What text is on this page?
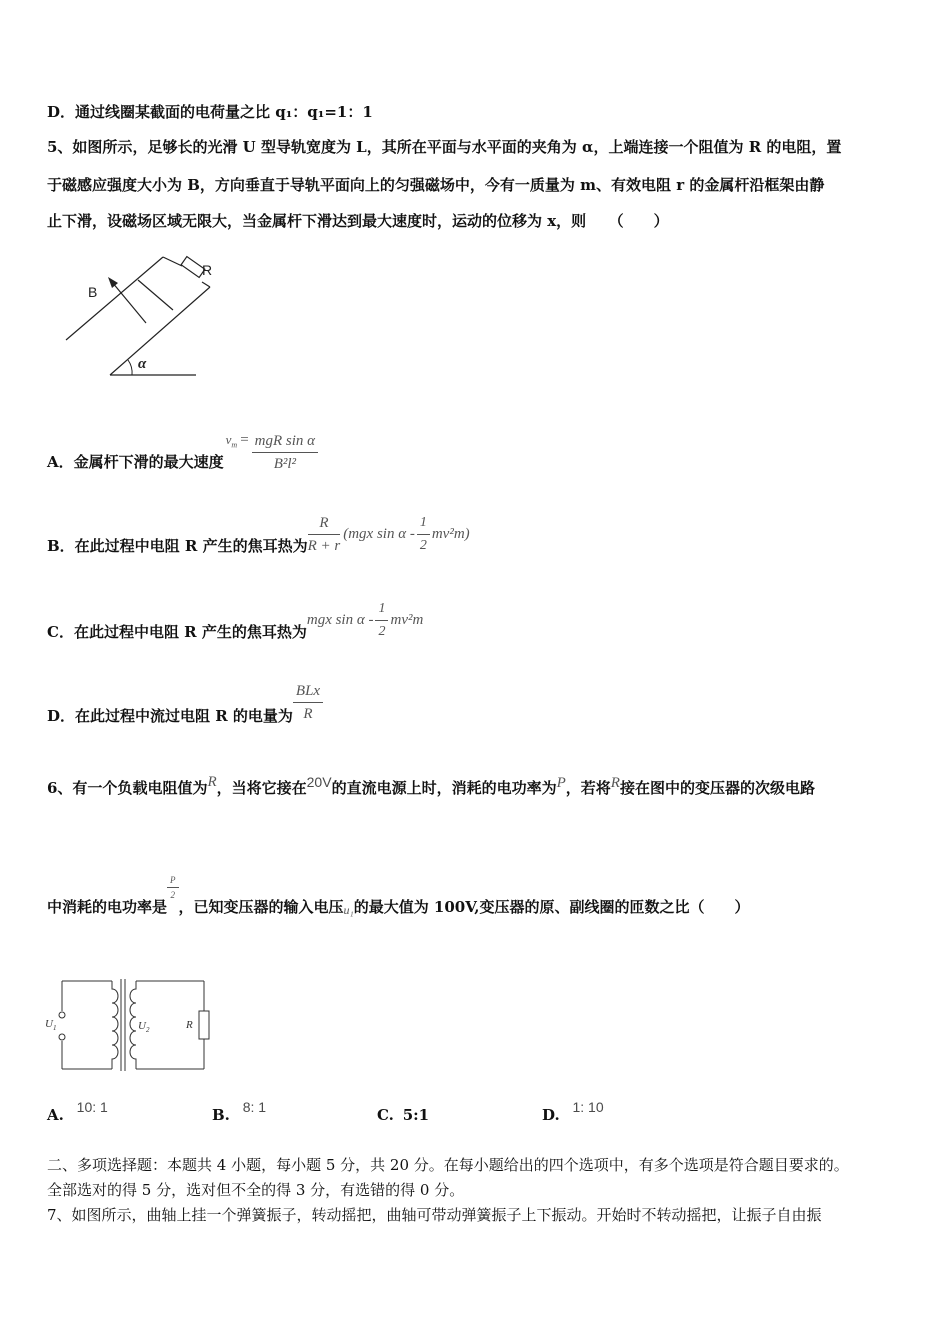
D．通过线圈某截面的电荷量之比 q₁：q₁=1：1
5、如图所示，足够长的光滑 U 型导轨宽度为 L，其所在平面与水平面的夹角为 α，上端连接一个阻值为 R 的电阻，置
于磁感应强度大小为 B，方向垂直于导轨平面向上的匀强磁场中，今有一质量为 m、有效电阻 r 的金属杆沿框架由静
止下滑，设磁场区域无限大，当金属杆下滑达到最大速度时，运动的位移为 x，则　　（　　）
B
R
α
A．金属杆下滑的最大速度$v_m = \frac{\text{mgR sin α}}{\text{B²l²}}$
B．在此过程中电阻 R 产生的焦耳热为 $\frac{R}{R + r} (mgx$ sin α - $\frac{1}{2} mv^2m$)
C．在此过程中电阻 R 产生的焦耳热为mgx sin α - $\frac{1}{2} mv^2m$
D．在此过程中流过电阻 R 的电量为 $\frac{\text{BLx}}{R}$
6、有一个负载电阻值为R，当将它接在20V的直流电源上时，消耗的电功率为P，若将R接在图中的变压器的次级电路
中消耗的电功率是
$\frac{P}{2}$
，已知变压器的输入电压u₁的最大值为 100V,变压器的原、副线圈的匝数之比（　　）
$U_1$	$U_2$	R
A. 10: 1	B. 8: 1	C. 5:1	D. 1: 10
二、多项选择题：本题共 4 小题，每小题 5 分，共 20 分。在每小题给出的四个选项中，有多个选项是符合题目要求的。
全部选对的得 5 分，选对但不全的得 3 分，有选错的得 0 分。
7、如图所示，曲轴上挂一个弹簧振子，转动摇把，曲轴可带动弹簧振子上下振动。开始时不转动摇把，让振子自由振
